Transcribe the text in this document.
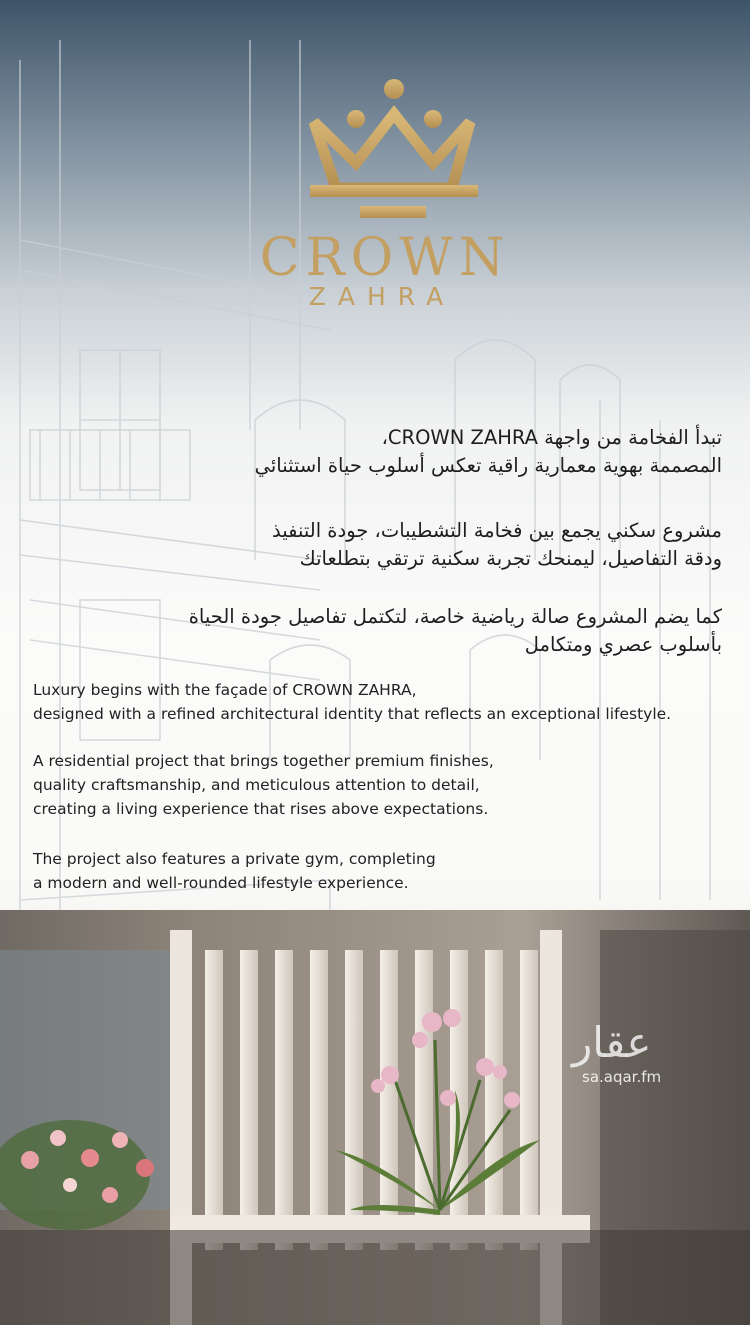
CROWN
ZAHRA
تبدأ الفخامة من واجهة CROWN ZAHRA،
المصممة بهوية معمارية راقية تعكس أسلوب حياة استثنائي
مشروع سكني يجمع بين فخامة التشطيبات، جودة التنفيذ
ودقة التفاصيل، ليمنحك تجربة سكنية ترتقي بتطلعاتك
كما يضم المشروع صالة رياضية خاصة، لتكتمل تفاصيل جودة الحياة
بأسلوب عصري ومتكامل
Luxury begins with the façade of CROWN ZAHRA,
designed with a refined architectural identity that reflects an exceptional lifestyle.
A residential project that brings together premium finishes,
quality craftsmanship, and meticulous attention to detail,
creating a living experience that rises above expectations.
The project also features a private gym, completing
a modern and well-rounded lifestyle experience.
عقار
sa.aqar.fm
